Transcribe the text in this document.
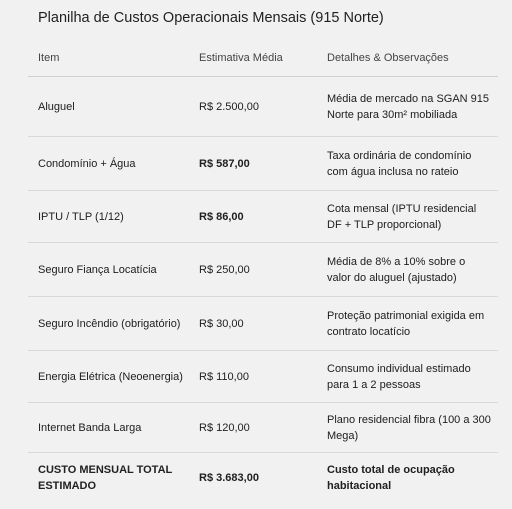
Planilha de Custos Operacionais Mensais (915 Norte)
Item	Estimativa Média	Detalhes & Observações
Aluguel	R$ 2.500,00	Média de mercado na SGAN 915 Norte para 30m² mobiliada
Condomínio + Água	R$ 587,00	Taxa ordinária de condomínio com água inclusa no rateio
IPTU / TLP (1/12)	R$ 86,00	Cota mensal (IPTU residencial DF + TLP proporcional)
Seguro Fiança Locatícia	R$ 250,00	Média de 8% a 10% sobre o valor do aluguel (ajustado)
Seguro Incêndio (obrigatório)	R$ 30,00	Proteção patrimonial exigida em contrato locatício
Energia Elétrica (Neoenergia)	R$ 110,00	Consumo individual estimado para 1 a 2 pessoas
Internet Banda Larga	R$ 120,00	Plano residencial fibra (100 a 300 Mega)
CUSTO MENSUAL TOTAL ESTIMADO	R$ 3.683,00	Custo total de ocupação habitacional
